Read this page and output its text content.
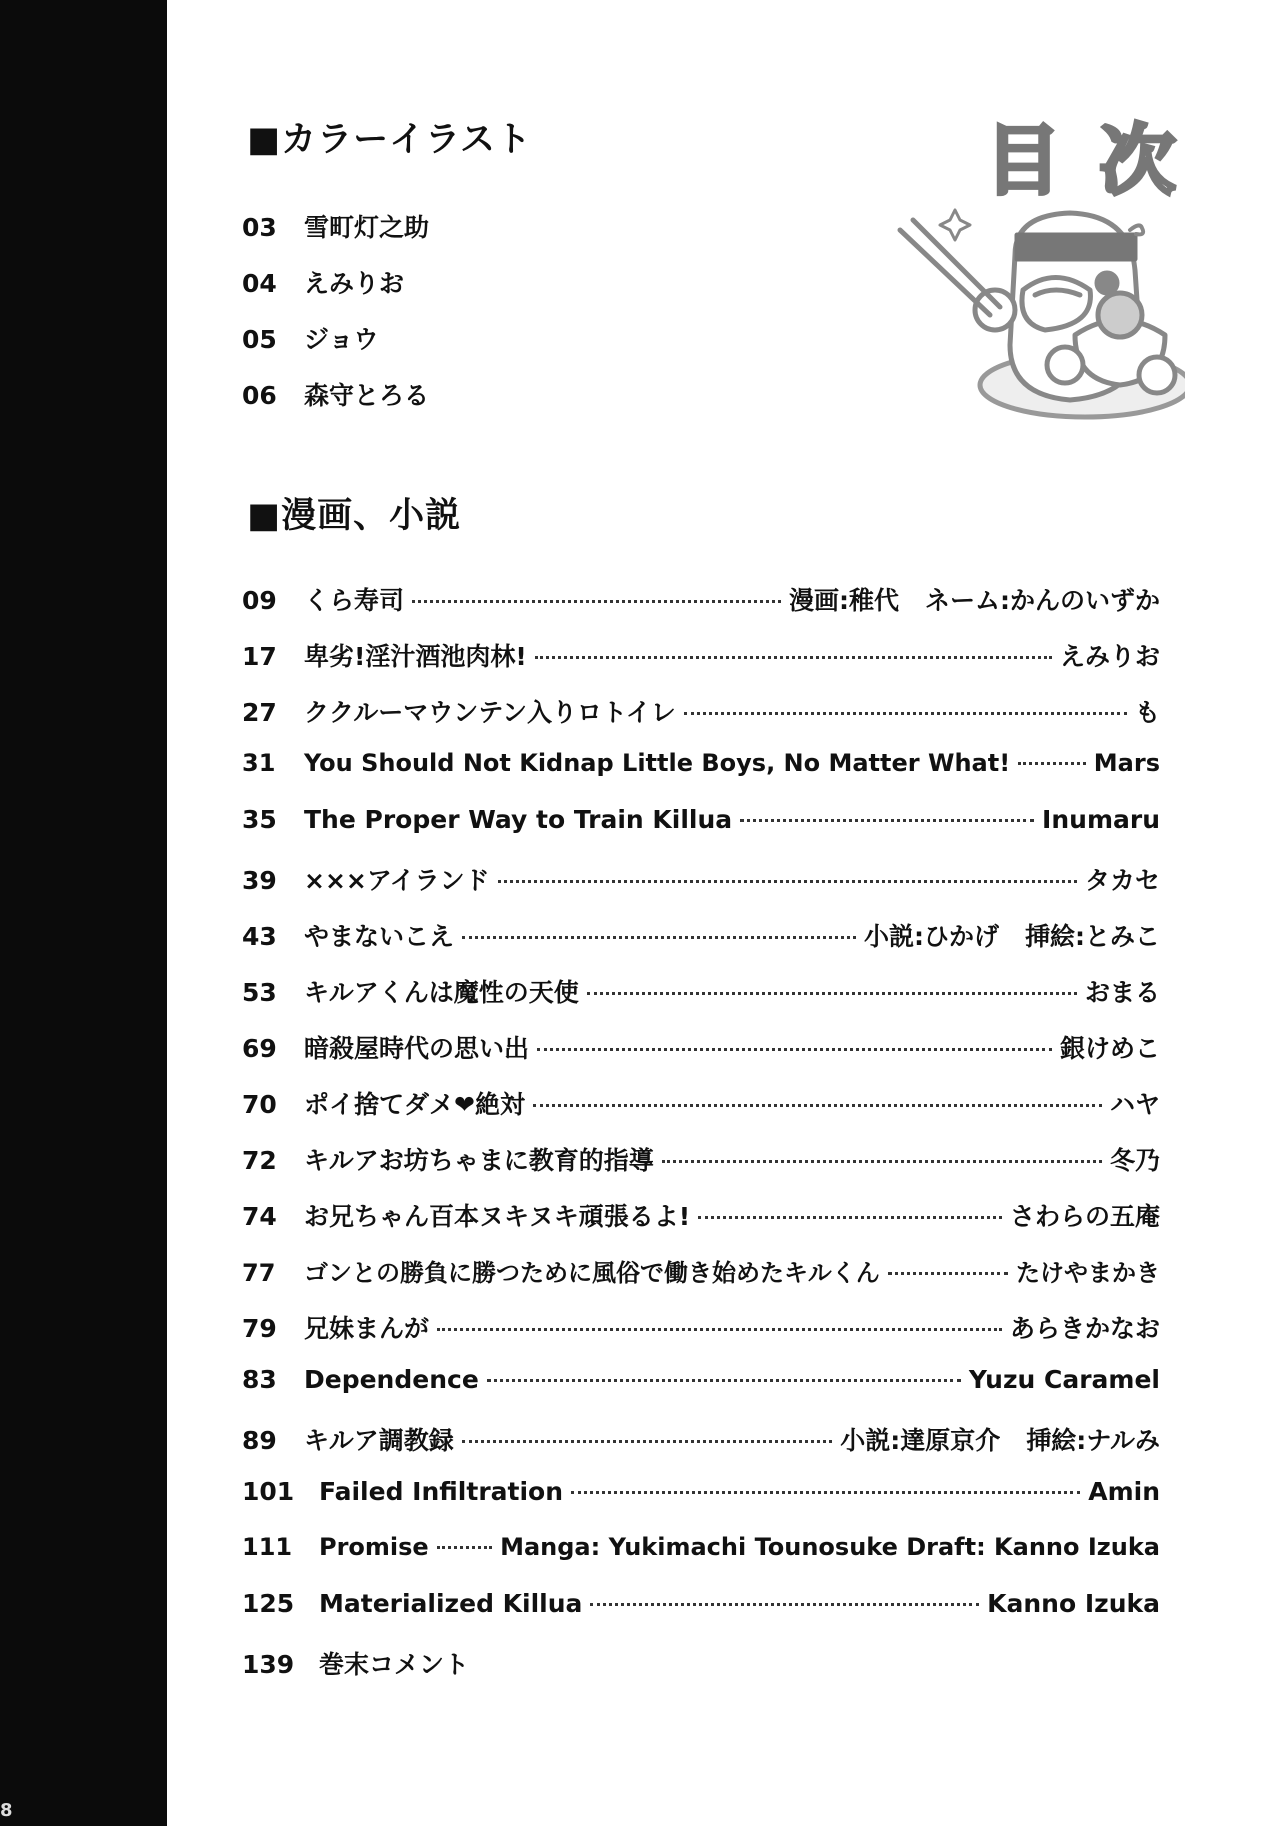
8
■カラーイラスト	目 次
03	雪町灯之助
04	えみりお
05	ジョウ
06	森守とろる
■漫画、小説
09	くら寿司	漫画:稚代 ネーム:かんのいずか
17	卑劣!淫汁酒池肉林!	えみりお
27	ククルーマウンテン入りロトイレ	も
31	You Should Not Kidnap Little Boys, No Matter What!	Mars
35	The Proper Way to Train Killua	Inumaru
39	×××アイランド	タカセ
43	やまないこえ	小説:ひかげ 挿絵:とみこ
53	キルアくんは魔性の天使	おまる
69	暗殺屋時代の思い出	銀けめこ
70	ポイ捨てダメ❤絶対	ハヤ
72	キルアお坊ちゃまに教育的指導	冬乃
74	お兄ちゃん百本ヌキヌキ頑張るよ!	さわらの五庵
77	ゴンとの勝負に勝つために風俗で働き始めたキルくん	たけやまかき
79	兄妹まんが	あらきかなお
83	Dependence	Yuzu Caramel
89	キルア調教録	小説:達原京介 挿絵:ナルみ
101 Failed Infiltration	Amin
111	Promise	Manga: Yukimachi Tounosuke Draft: Kanno Izuka
125 Materialized Killua	Kanno Izuka
139 巻末コメント
